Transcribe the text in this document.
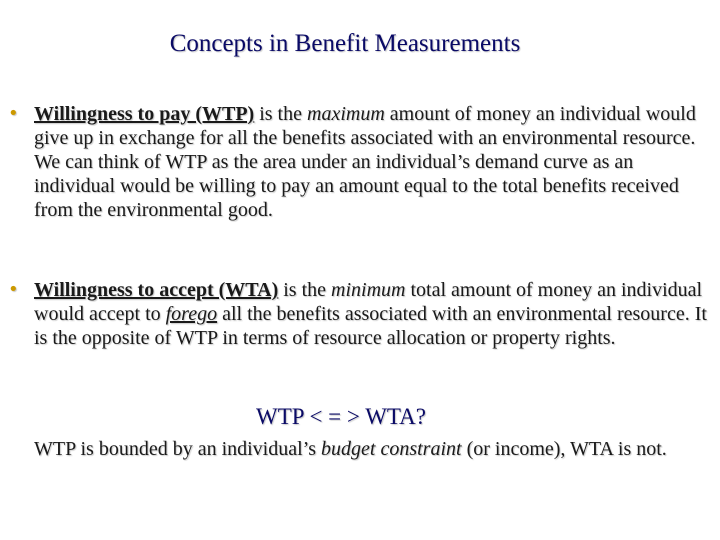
Concepts in Benefit Measurements
• Willingness to pay (WTP) is the maximum amount of money an individual would give up in exchange for all the benefits associated with an environmental resource. We can think of WTP as the area under an individual’s demand curve as an individual would be willing to pay an amount equal to the total benefits received from the environmental good.
• Willingness to accept (WTA) is the minimum total amount of money an individual would accept to forego all the benefits associated with an environmental resource. It is the opposite of WTP in terms of resource allocation or property rights.
WTP < = > WTA?
WTP is bounded by an individual’s budget constraint (or income), WTA is not.
